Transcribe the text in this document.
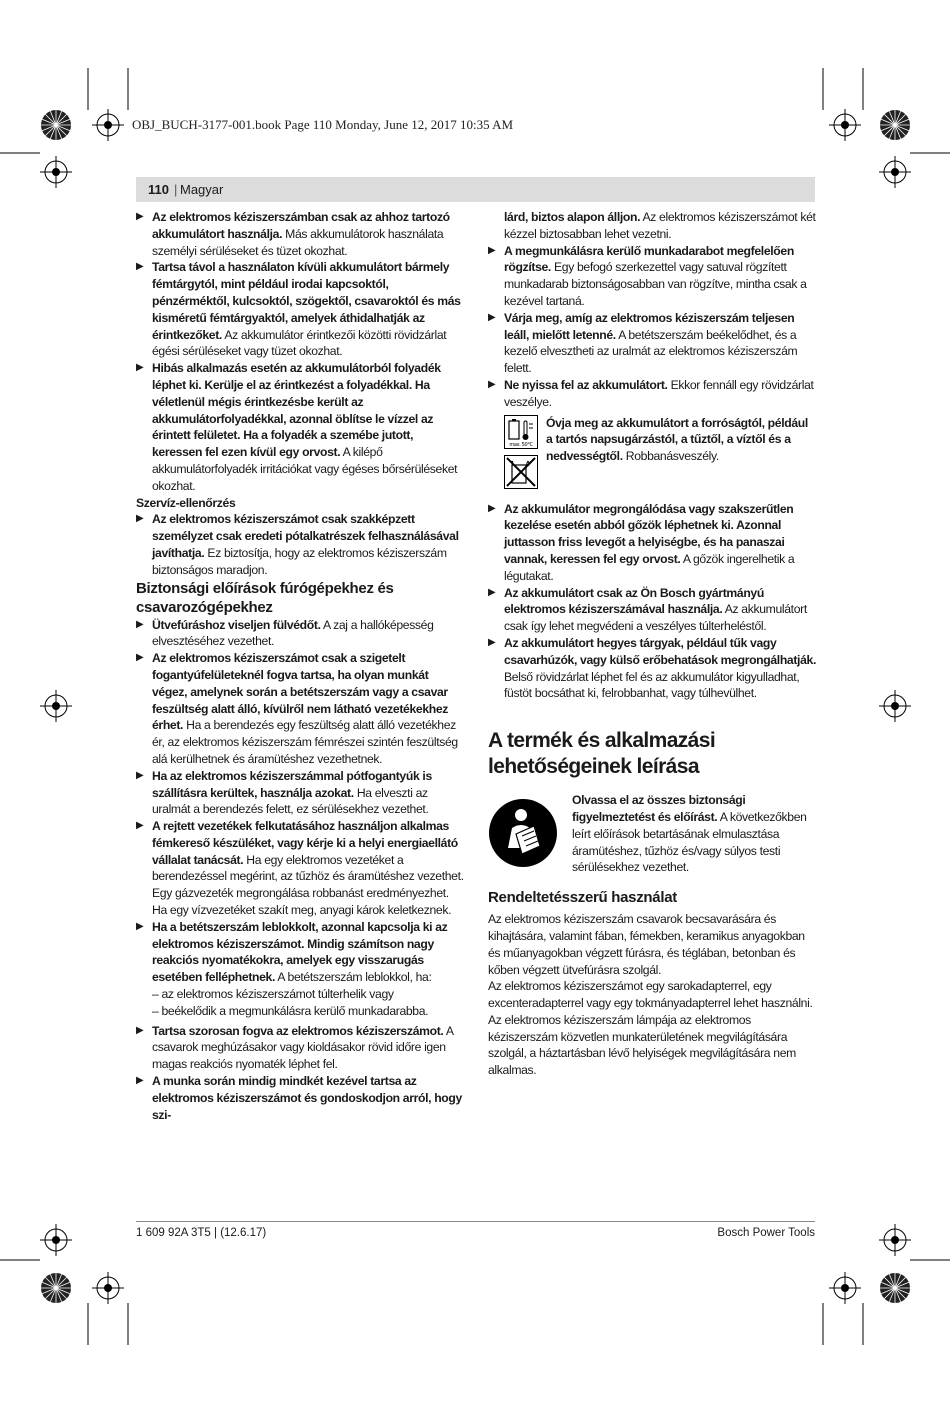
OBJ_BUCH-3177-001.book Page 110 Monday, June 12, 2017 10:35 AM
110 | Magyar

▶ Az elektromos kéziszerszámban csak az ahhoz tartozó akkumulátort használja. Más akkumulátorok használata személyi sérüléseket és tüzet okozhat.

▶ Tartsa távol a használaton kívüli akkumulátort bármely fémtárgytól, mint például irodai kapcsoktól, pénzérméktől, kulcsoktól, szögektől, csavaroktól és más kisméretű fémtárgyaktól, amelyek áthidalhatják az érintkezőket. Az akkumulátor érintkezői közötti rövidzárlat égési sérüléseket vagy tüzet okozhat.

▶ Hibás alkalmazás esetén az akkumulátorból folyadék léphet ki. Kerülje el az érintkezést a folyadékkal. Ha véletlenül mégis érintkezésbe került az akkumulátorfolyadékkal, azonnal öblítse le vízzel az érintett felületet. Ha a folyadék a szemébe jutott, keressen fel ezen kívül egy orvost. A kilépő akkumulátorfolyadék irritációkat vagy égéses bőrsérüléseket okozhat.

Szervíz-ellenőrzés

▶ Az elektromos kéziszerszámot csak szakképzett személyzet csak eredeti pótalkatrészek felhasználásával javíthatja. Ez biztosítja, hogy az elektromos kéziszerszám biztonságos maradjon.

Biztonsági előírások fúrógépekhez és csavarozógépekhez

▶ Ütvefúráshoz viseljen fülvédőt. A zaj a hallóképesség elvesztéséhez vezethet.

▶ Az elektromos kéziszerszámot csak a szigetelt fogantyúfelületeknél fogva tartsa, ha olyan munkát végez, amelynek során a betétszerszám vagy a csavar feszültség alatt álló, kívülről nem látható vezetékekhez érhet. Ha a berendezés egy feszültség alatt álló vezetékhez ér, az elektromos kéziszerszám fémrészei szintén feszültség alá kerülhetnek és áramütéshez vezethetnek.

▶ Ha az elektromos kéziszerszámmal pótfogantyúk is szállításra kerültek, használja azokat. Ha elveszti az uralmát a berendezés felett, ez sérülésekhez vezethet.

▶ A rejtett vezetékek felkutatásához használjon alkalmas fémkereső készüléket, vagy kérje ki a helyi energiaellátó vállalat tanácsát. Ha egy elektromos vezetéket a berendezéssel megérint, az tűzhöz és áramütéshez vezethet. Egy gázvezeték megrongálása robbanást eredményezhet. Ha egy vízvezetéket szakít meg, anyagi károk keletkeznek.

▶ Ha a betétszerszám leblokkolt, azonnal kapcsolja ki az elektromos kéziszerszámot. Mindig számítson nagy reakciós nyomatékokra, amelyek egy visszarugás esetében felléphetnek. A betétszerszám leblokkol, ha:

– az elektromos kéziszerszámot túlterhelik vagy

– beékelődik a megmunkálásra kerülő munkadarabba.

▶ Tartsa szorosan fogva az elektromos kéziszerszámot. A csavarok meghúzásakor vagy kioldásakor rövid időre igen magas reakciós nyomaték léphet fel.

▶ A munka során mindig mindkét kezével tartsa az elektromos kéziszerszámot és gondoskodjon arról, hogy szi-

lárd, biztos alapon álljon. Az elektromos kéziszerszámot két kézzel biztosabban lehet vezetni.

▶ A megmunkálásra kerülő munkadarabot megfelelően rögzítse. Egy befogó szerkezettel vagy satuval rögzített munkadarab biztonságosabban van rögzítve, mintha csak a kezével tartaná.

▶ Várja meg, amíg az elektromos kéziszerszám teljesen leáll, mielőtt letenné. A betétszerszám beékelődhet, és a kezelő elvesztheti az uralmát az elektromos kéziszerszám felett.

▶ Ne nyissa fel az akkumulátort. Ekkor fennáll egy rövidzárlat veszélye.

max. 50°C

Óvja meg az akkumulátort a forróságtól, például a tartós napsugárzástól, a tűztől, a víztől és a nedvességtől. Robbanásveszély.

▶ Az akkumulátor megrongálódása vagy szakszerűtlen kezelése esetén abból gőzök léphetnek ki. Azonnal juttasson friss levegőt a helyiségbe, és ha panaszai vannak, keressen fel egy orvost. A gőzök ingerelhetik a légutakat.

▶ Az akkumulátort csak az Ön Bosch gyártmányú elektromos kéziszerszámával használja. Az akkumulátort csak így lehet megvédeni a veszélyes túlterheléstől.

▶ Az akkumulátort hegyes tárgyak, például tűk vagy csavarhúzók, vagy külső erőbehatások megrongálhatják. Belső rövidzárlat léphet fel és az akkumulátor kigyulladhat, füstöt bocsáthat ki, felrobbanhat, vagy túlhevülhet.

A termék és alkalmazási lehetőségeinek leírása

Olvassa el az összes biztonsági figyelmeztetést és előírást. A következőkben leírt előírások betartásának elmulasztása áramütéshez, tűzhöz és/vagy súlyos testi sérülésekhez vezethet.

Rendeltetésszerű használat

Az elektromos kéziszerszám csavarok becsavarására és kihajtására, valamint fában, fémekben, keramikus anyagokban és műanyagokban végzett fúrásra, és téglában, betonban és kőben végzett ütvefúrásra szolgál.

Az elektromos kéziszerszámot egy sarokadapterrel, egy excenteradapterrel vagy egy tokmányadapterrel lehet használni.

Az elektromos kéziszerszám lámpája az elektromos kéziszerszám közvetlen munkaterületének megvilágítására szolgál, a háztartásban lévő helyiségek megvilágítására nem alkalmas.

1 609 92A 3T5 | (12.6.17)	Bosch Power Tools
